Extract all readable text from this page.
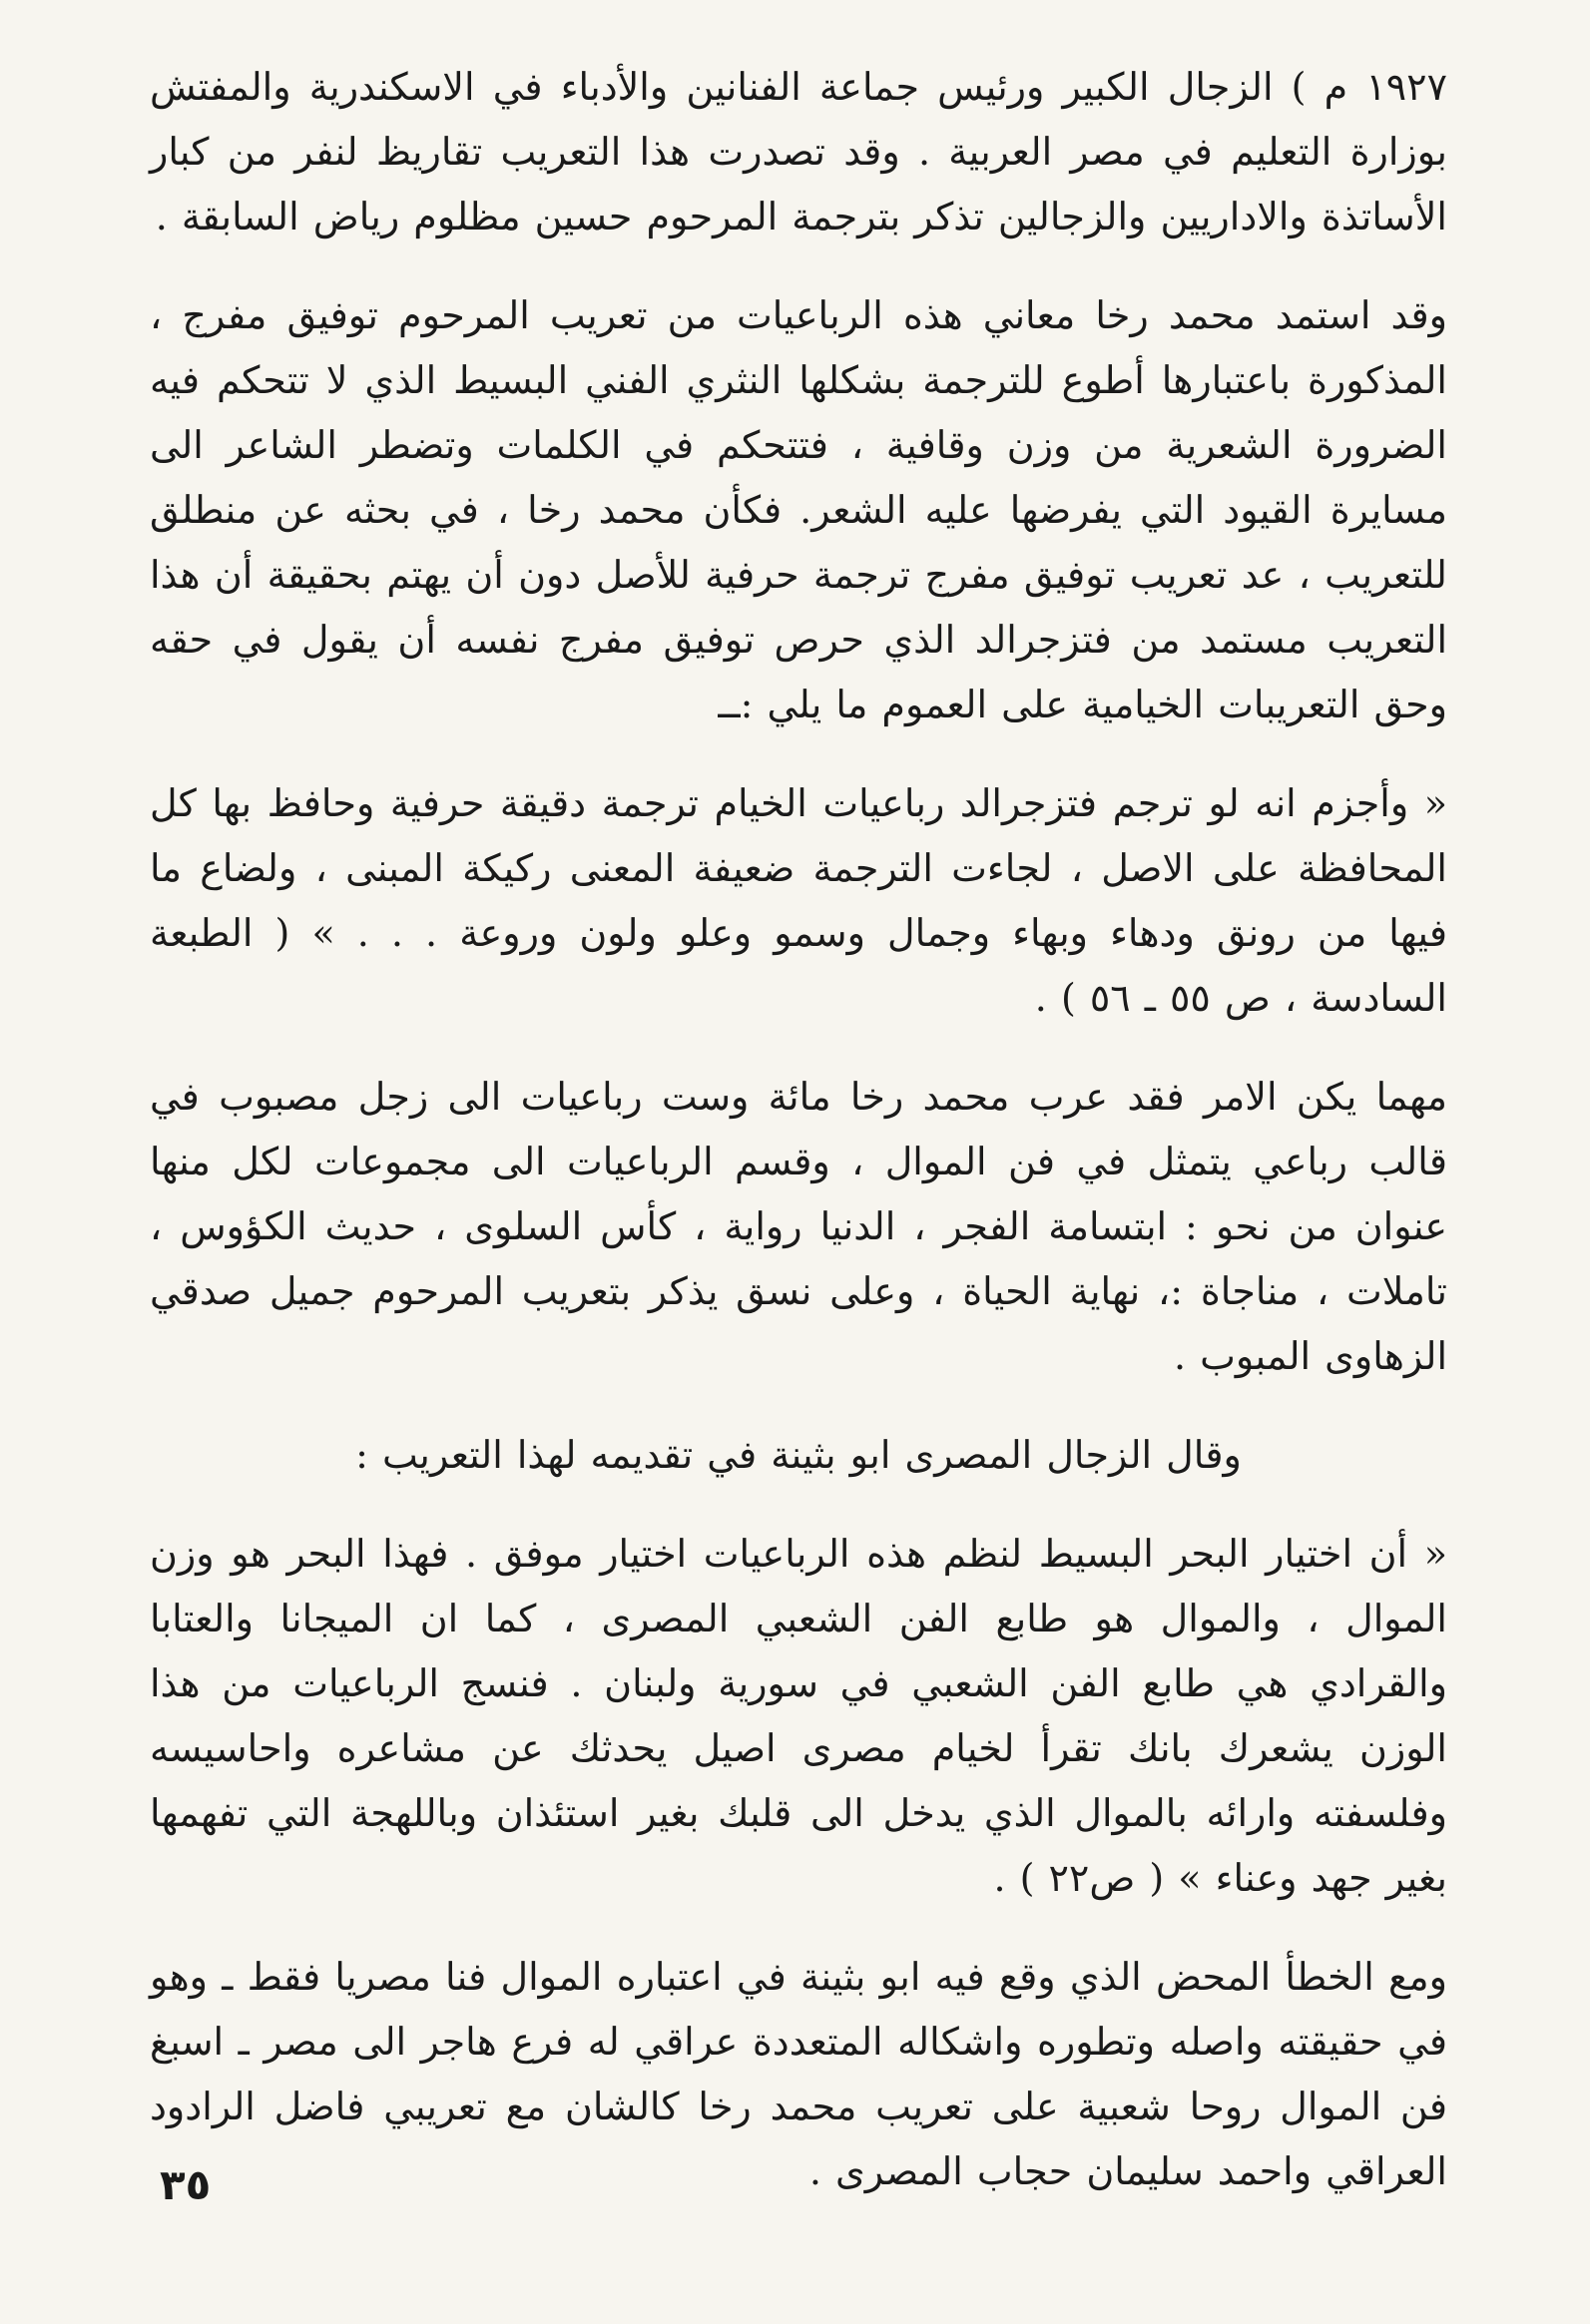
١٩٢٧ م ) الزجال الكبير ورئيس جماعة الفنانين والأدباء في الاسكندرية والمفتش بوزارة التعليم في مصر العربية . وقد تصدرت هذا التعريب تقاريظ لنفر من كبار الأساتذة والاداريين والزجالين تذكر بترجمة المرحوم حسين مظلوم رياض السابقة .

وقد استمد محمد رخا معاني هذه الرباعيات من تعريب المرحوم توفيق مفرج ، المذكورة باعتبارها أطوع للترجمة بشكلها النثري الفني البسيط الذي لا تتحكم فيه الضرورة الشعرية من وزن وقافية ، فتتحكم في الكلمات وتضطر الشاعر الى مسايرة القيود التي يفرضها عليه الشعر. فكأن محمد رخا ، في بحثه عن منطلق للتعريب ، عد تعريب توفيق مفرج ترجمة حرفية للأصل دون أن يهتم بحقيقة أن هذا التعريب مستمد من فتزجرالد الذي حرص توفيق مفرج نفسه أن يقول في حقه وحق التعريبات الخيامية على العموم ما يلي :ــ

« وأجزم انه لو ترجم فتزجرالد رباعيات الخيام ترجمة دقيقة حرفية وحافظ بها كل المحافظة على الاصل ، لجاءت الترجمة ضعيفة المعنى ركيكة المبنى ، ولضاع ما فيها من رونق ودهاء وبهاء وجمال وسمو وعلو ولون وروعة . . . » ( الطبعة السادسة ، ص ٥٥ ـ ٥٦ ) .

مهما يكن الامر فقد عرب محمد رخا مائة وست رباعيات الى زجل مصبوب في قالب رباعي يتمثل في فن الموال ، وقسم الرباعيات الى مجموعات لكل منها عنوان من نحو : ابتسامة الفجر ، الدنيا رواية ، كأس السلوى ، حديث الكؤوس ، تاملات ، مناجاة :، نهاية الحياة ، وعلى نسق يذكر بتعريب المرحوم جميل صدقي الزهاوى المبوب .

وقال الزجال المصرى ابو بثينة في تقديمه لهذا التعريب :

« أن اختيار البحر البسيط لنظم هذه الرباعيات اختيار موفق . فهذا البحر هو وزن الموال ، والموال هو طابع الفن الشعبي المصرى ، كما ان الميجانا والعتابا والقرادي هي طابع الفن الشعبي في سورية ولبنان . فنسج الرباعيات من هذا الوزن يشعرك بانك تقرأ لخيام مصرى اصيل يحدثك عن مشاعره واحاسيسه وفلسفته وارائه بالموال الذي يدخل الى قلبك بغير استئذان وباللهجة التي تفهمها بغير جهد وعناء » ( ص٢٢ ) .

ومع الخطأ المحض الذي وقع فيه ابو بثينة في اعتباره الموال فنا مصريا فقط ـ وهو في حقيقته واصله وتطوره واشكاله المتعددة عراقي له فرع هاجر الى مصر ـ اسبغ فن الموال روحا شعبية على تعريب محمد رخا كالشان مع تعريبي فاضل الرادود العراقي واحمد سليمان حجاب المصرى .

٣٥
